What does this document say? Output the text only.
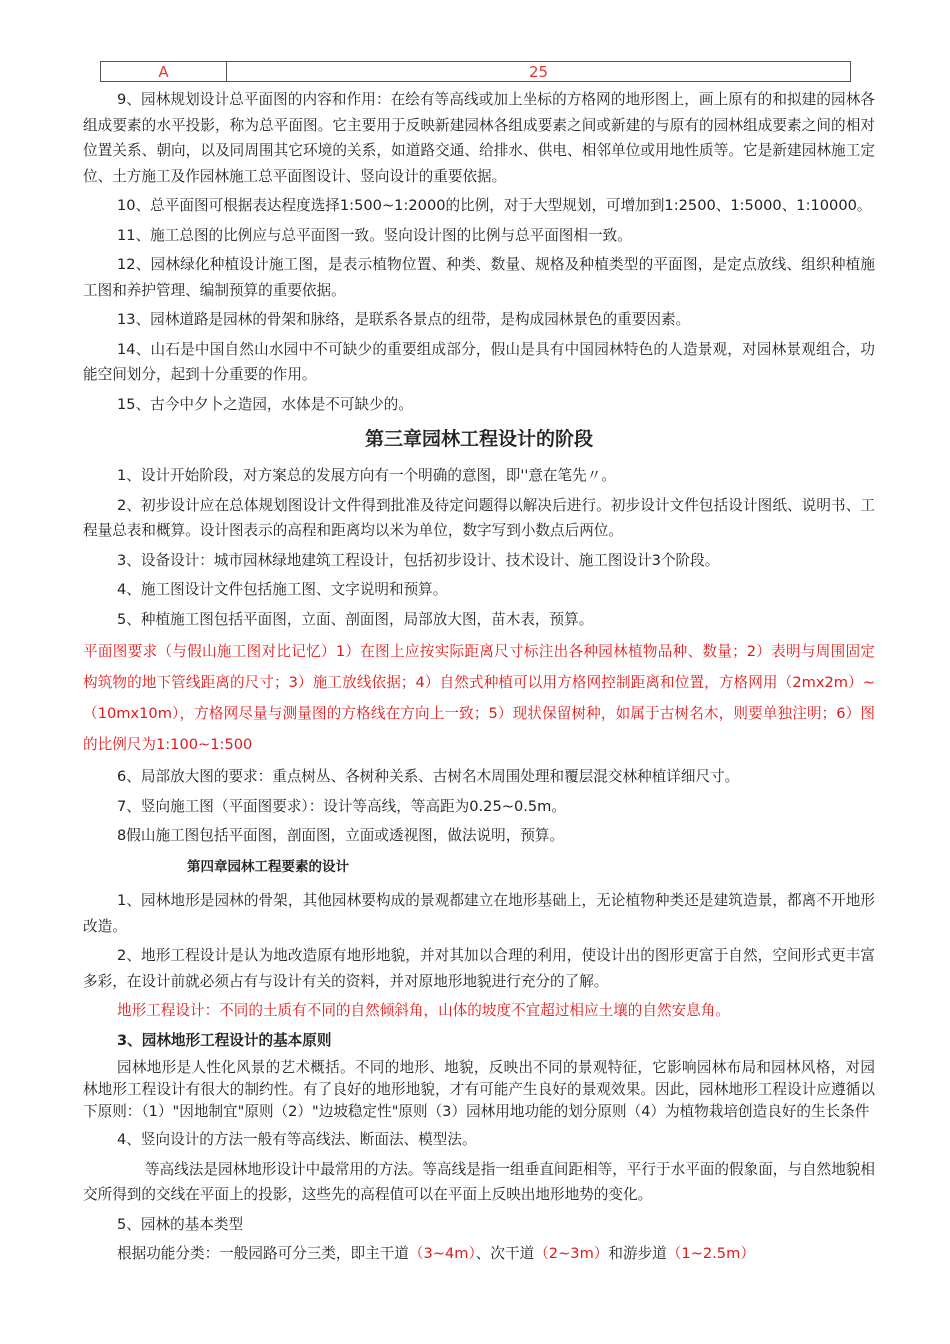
A	25

9、园林规划设计总平面图的内容和作用：在绘有等高线或加上坐标的方格网的地形图上，画上原有的和拟建的园林各组成要素的水平投影，称为总平面图。它主要用于反映新建园林各组成要素之间或新建的与原有的园林组成要素之间的相对位置关系、朝向，以及同周围其它环境的关系，如道路交通、给排水、供电、相邻单位或用地性质等。它是新建园林施工定位、土方施工及作园林施工总平面图设计、竖向设计的重要依据。

10、总平面图可根据表达程度选择1:500~1:2000的比例，对于大型规划，可增加到1:2500、1:5000、1:10000。

11、施工总图的比例应与总平面图一致。竖向设计图的比例与总平面图相一致。

12、园林绿化种植设计施工图，是表示植物位置、种类、数量、规格及种植类型的平面图，是定点放线、组织种植施工图和养护管理、编制预算的重要依据。

13、园林道路是园林的骨架和脉络，是联系各景点的纽带，是构成园林景色的重要因素。

14、山石是中国自然山水园中不可缺少的重要组成部分，假山是具有中国园林特色的人造景观，对园林景观组合，功能空间划分，起到十分重要的作用。

15、古今中夕卜之造园，水体是不可缺少的。

第三章园林工程设计的阶段

1、设计开始阶段，对方案总的发展方向有一个明确的意图，即''意在笔先〃。

2、初步设计应在总体规划图设计文件得到批准及待定问题得以解决后进行。初步设计文件包括设计图纸、说明书、工程量总表和概算。设计图表示的高程和距离均以米为单位，数字写到小数点后两位。

3、设备设计：城市园林绿地建筑工程设计，包括初步设计、技术设计、施工图设计3个阶段。

4、施工图设计文件包括施工图、文字说明和预算。

5、种植施工图包括平面图，立面、剖面图，局部放大图，苗木表，预算。

平面图要求（与假山施工图对比记忆）1）在图上应按实际距离尺寸标注出各种园林植物品种、数量；2）表明与周围固定构筑物的地下管线距离的尺寸；3）施工放线依据；4）自然式种植可以用方格网控制距离和位置，方格网用（2mx2m）~（10mx10m），方格网尽量与测量图的方格线在方向上一致；5）现状保留树种，如属于古树名木，则要单独注明；6）图的比例尺为1:100~1:500

6、局部放大图的要求：重点树丛、各树种关系、古树名木周围处理和覆层混交林种植详细尺寸。

7、竖向施工图（平面图要求）：设计等高线，等高距为0.25~0.5m。

8假山施工图包括平面图，剖面图，立面或透视图，做法说明，预算。

第四章园林工程要素的设计

1、园林地形是园林的骨架，其他园林要构成的景观都建立在地形基础上，无论植物种类还是建筑造景，都离不开地形改造。

2、地形工程设计是认为地改造原有地形地貌，并对其加以合理的利用，使设计出的图形更富于自然，空间形式更丰富多彩，在设计前就必须占有与设计有关的资料，并对原地形地貌进行充分的了解。

地形工程设计：不同的土质有不同的自然倾斜角，山体的坡度不宜超过相应土壤的自然安息角。

3、园林地形工程设计的基本原则

园林地形是人性化风景的艺术概括。不同的地形、地貌，反映出不同的景观特征，它影响园林布局和园林风格，对园林地形工程设计有很大的制约性。有了良好的地形地貌，才有可能产生良好的景观效果。因此，园林地形工程设计应遵循以下原则：（1）"因地制宜"原则（2）"边坡稳定性"原则（3）园林用地功能的划分原则（4）为植物栽培创造良好的生长条件

4、竖向设计的方法一般有等高线法、断面法、模型法。

等高线法是园林地形设计中最常用的方法。等高线是指一组垂直间距相等，平行于水平面的假象面，与自然地貌相交所得到的交线在平面上的投影，这些先的高程值可以在平面上反映出地形地势的变化。

5、园林的基本类型

根据功能分类：一般园路可分三类，即主干道（3~4m）、次干道（2~3m）和游步道（1~2.5m）
